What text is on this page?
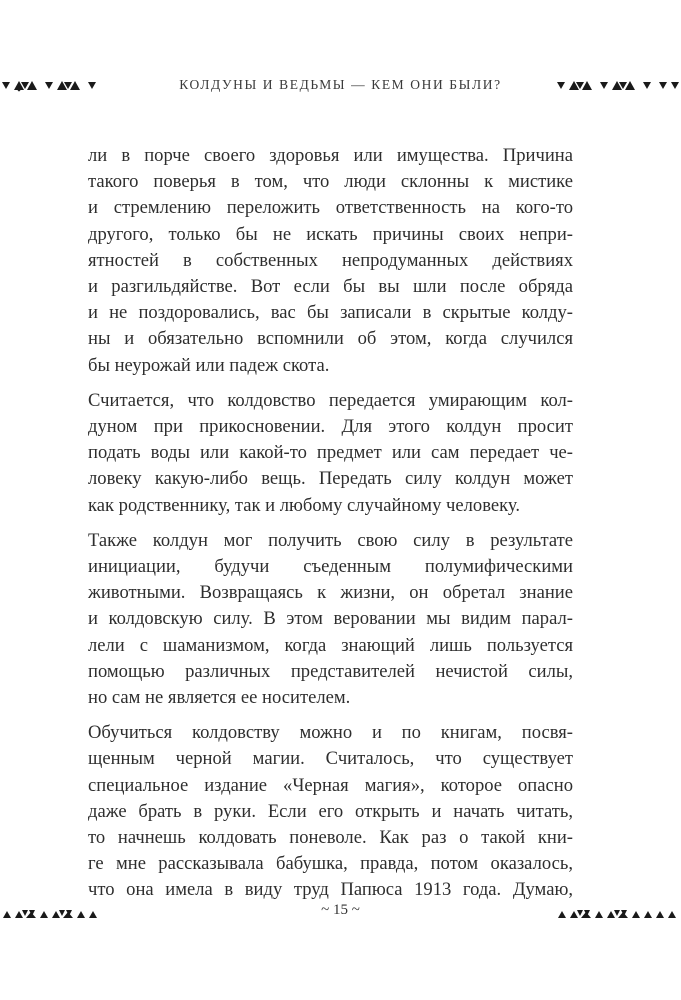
КОЛДУНЫ И ВЕДЬМЫ — КЕМ ОНИ БЫЛИ?

ли в порче своего здоровья или имущества. Причина
такого поверья в том, что люди склонны к мистике
и стремлению переложить ответственность на кого-то
другого, только бы не искать причины своих непри-
ятностей в собственных непродуманных действиях
и разгильдяйстве. Вот если бы вы шли после обряда
и не поздоровались, вас бы записали в скрытые колду-
ны и обязательно вспомнили об этом, когда случился
бы неурожай или падеж скота.

Считается, что колдовство передается умирающим кол-
дуном при прикосновении. Для этого колдун просит
подать воды или какой-то предмет или сам передает че-
ловеку какую-либо вещь. Передать силу колдун может
как родственнику, так и любому случайному человеку.

Также колдун мог получить свою силу в результате
инициации, будучи съеденным полумифическими
животными. Возвращаясь к жизни, он обретал знание
и колдовскую силу. В этом веровании мы видим парал-
лели с шаманизмом, когда знающий лишь пользуется
помощью различных представителей нечистой силы,
но сам не является ее носителем.

Обучиться колдовству можно и по книгам, посвя-
щенным черной магии. Считалось, что существует
специальное издание «Черная магия», которое опасно
даже брать в руки. Если его открыть и начать читать,
то начнешь колдовать поневоле. Как раз о такой кни-
ге мне рассказывала бабушка, правда, потом оказалось,
что она имела в виду труд Папюса 1913 года. Думаю,

~ 15 ~
